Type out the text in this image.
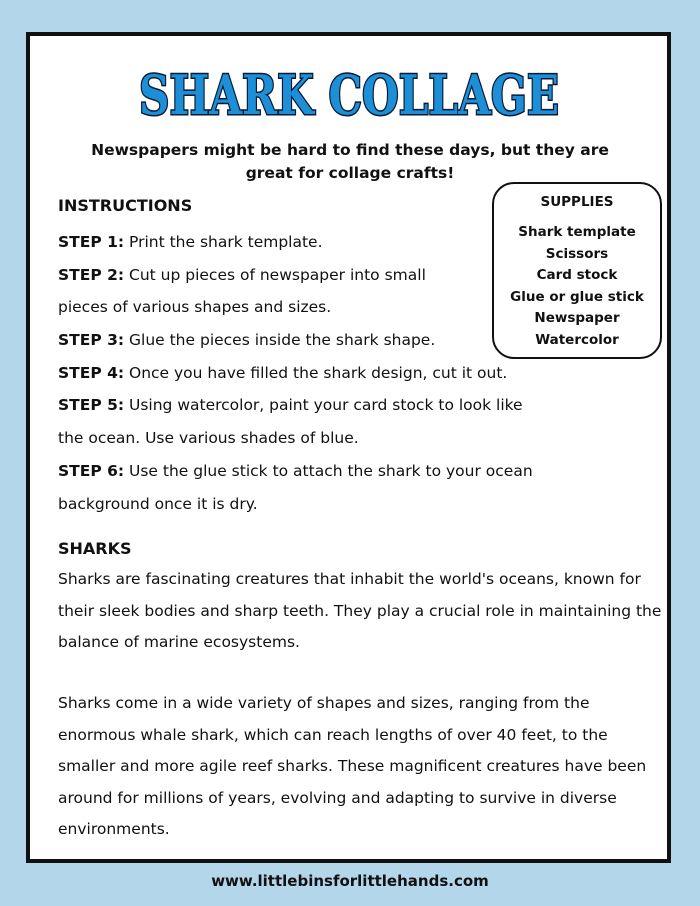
SHARK COLLAGE
Newspapers might be hard to find these days, but they are great for collage crafts!
INSTRUCTIONS
STEP 1: Print the shark template.
STEP 2: Cut up pieces of newspaper into small
pieces of various shapes and sizes.
STEP 3: Glue the pieces inside the shark shape.
STEP 4: Once you have filled the shark design, cut it out.
STEP 5: Using watercolor, paint your card stock to look like
the ocean. Use various shades of blue.
STEP 6: Use the glue stick to attach the shark to your ocean
background once it is dry.
SUPPLIES
Shark template
Scissors
Card stock
Glue or glue stick
Newspaper
Watercolor
SHARKS
Sharks are fascinating creatures that inhabit the world's oceans, known for their sleek bodies and sharp teeth. They play a crucial role in maintaining the balance of marine ecosystems.
Sharks come in a wide variety of shapes and sizes, ranging from the enormous whale shark, which can reach lengths of over 40 feet, to the smaller and more agile reef sharks. These magnificent creatures have been around for millions of years, evolving and adapting to survive in diverse environments.
www.littlebinsforlittlehands.com
